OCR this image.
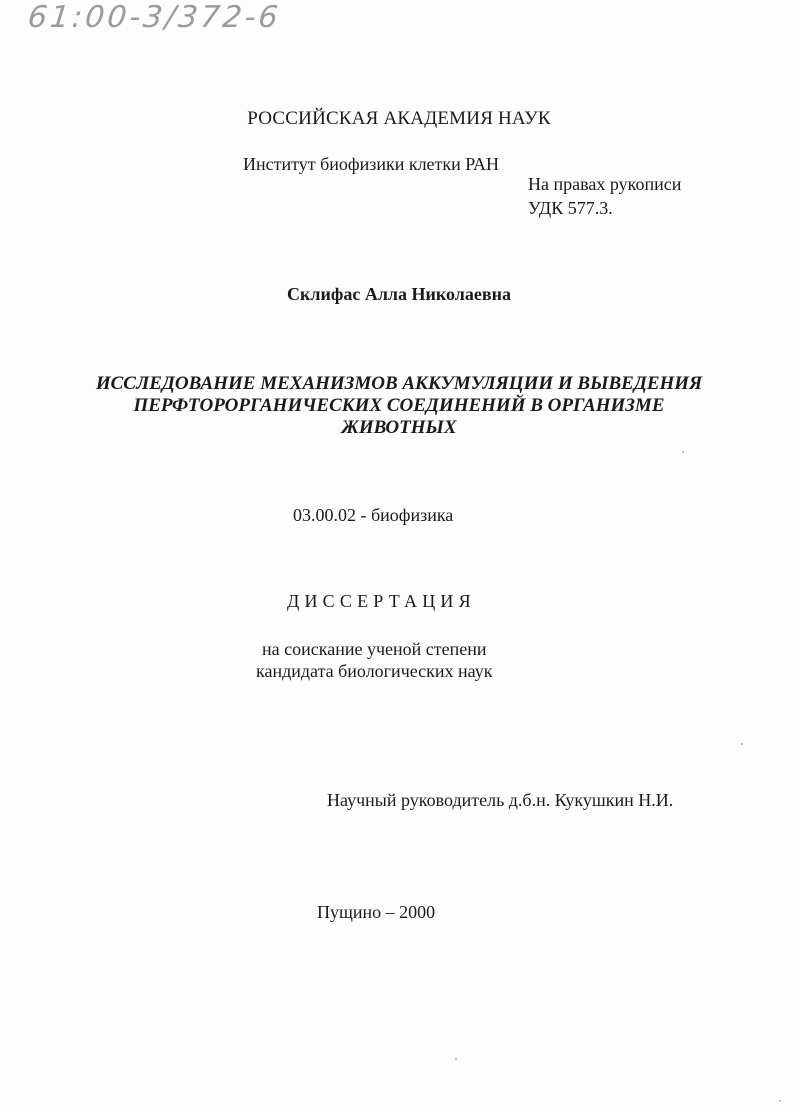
61:00-3/372-6
РОССИЙСКАЯ АКАДЕМИЯ НАУК
Институт биофизики клетки РАН
На правах рукописи
УДК 577.3.
Склифас Алла Николаевна
ИССЛЕДОВАНИЕ МЕХАНИЗМОВ АККУМУЛЯЦИИ И ВЫВЕДЕНИЯ
ПЕРФТОРОРГАНИЧЕСКИХ СОЕДИНЕНИЙ В ОРГАНИЗМЕ
ЖИВОТНЫХ
03.00.02 - биофизика
ДИССЕРТАЦИЯ
на соискание ученой степени
кандидата биологических наук
Научный руководитель д.б.н. Кукушкин Н.И.
Пущино – 2000
